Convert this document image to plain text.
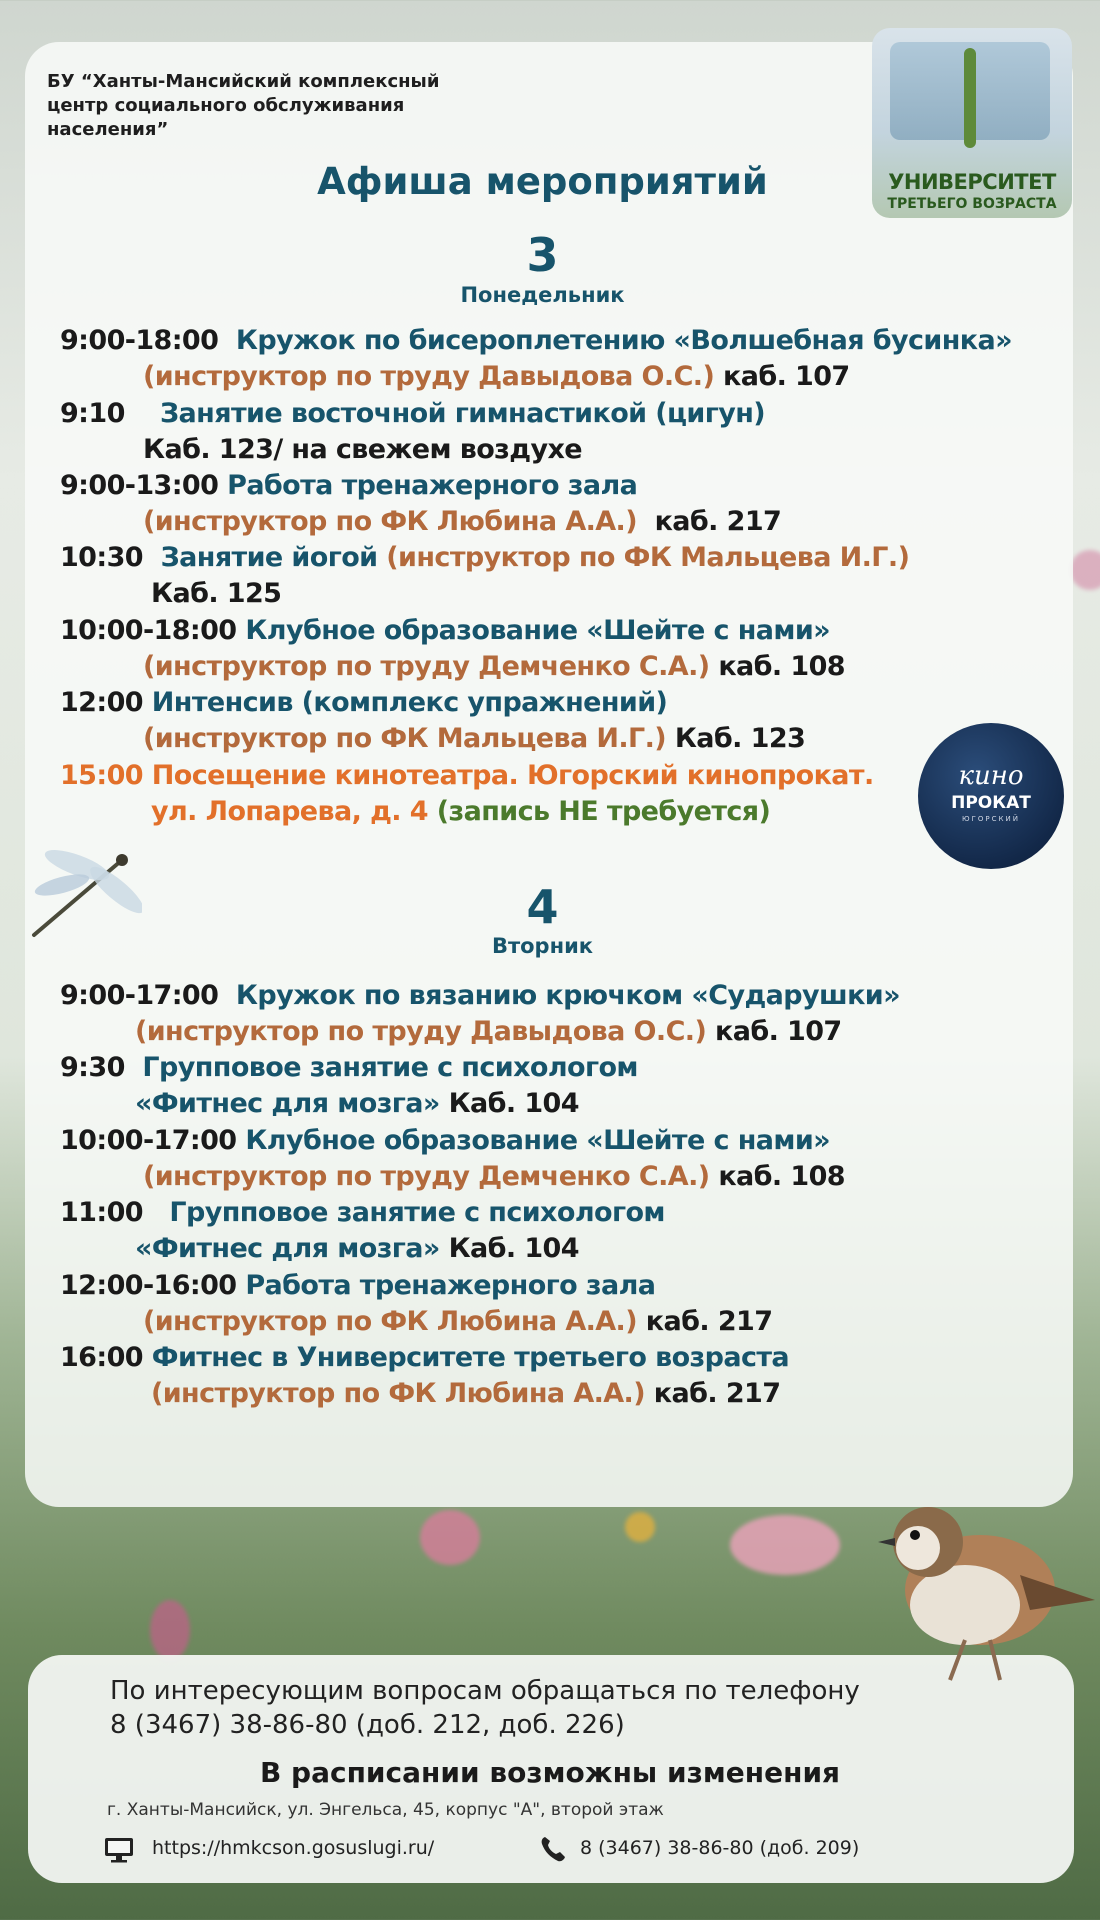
БУ “Ханты-Мансийский комплексный центр социального обслуживания населения”
УНИВЕРСИТЕТ
ТРЕТЬЕГО ВОЗРАСТА
Афиша мероприятий
3
Понедельник
9:00-18:00 Кружок по бисероплетению «Волшебная бусинка»
(инструктор по труду Давыдова О.С.) каб. 107
9:10 Занятие восточной гимнастикой (цигун)
Каб. 123/ на свежем воздухе
9:00-13:00 Работа тренажерного зала
(инструктор по ФК Любина А.А.) каб. 217
10:30 Занятие йогой (инструктор по ФК Мальцева И.Г.)
Каб. 125
10:00-18:00 Клубное образование «Шейте с нами»
(инструктор по труду Демченко С.А.) каб. 108
12:00 Интенсив (комплекс упражнений)
(инструктор по ФК Мальцева И.Г.) Каб. 123
15:00 Посещение кинотеатра. Югорский кинопрокат.
ул. Лопарева, д. 4 (запись НЕ требуется)
кино
ПРОКАТ
ЮГОРСКИЙ
4
Вторник
9:00-17:00 Кружок по вязанию крючком «Сударушки»
(инструктор по труду Давыдова О.С.) каб. 107
9:30 Групповое занятие с психологом
«Фитнес для мозга» Каб. 104
10:00-17:00 Клубное образование «Шейте с нами»
(инструктор по труду Демченко С.А.) каб. 108
11:00 Групповое занятие с психологом
«Фитнес для мозга» Каб. 104
12:00-16:00 Работа тренажерного зала
(инструктор по ФК Любина А.А.) каб. 217
16:00 Фитнес в Университете третьего возраста
(инструктор по ФК Любина А.А.) каб. 217
По интересующим вопросам обращаться по телефону
8 (3467) 38-86-80 (доб. 212, доб. 226)
В расписании возможны изменения
г. Ханты-Мансийск, ул. Энгельса, 45, корпус "А", второй этаж
https://hmkcson.gosuslugi.ru/	8 (3467) 38-86-80 (доб. 209)
